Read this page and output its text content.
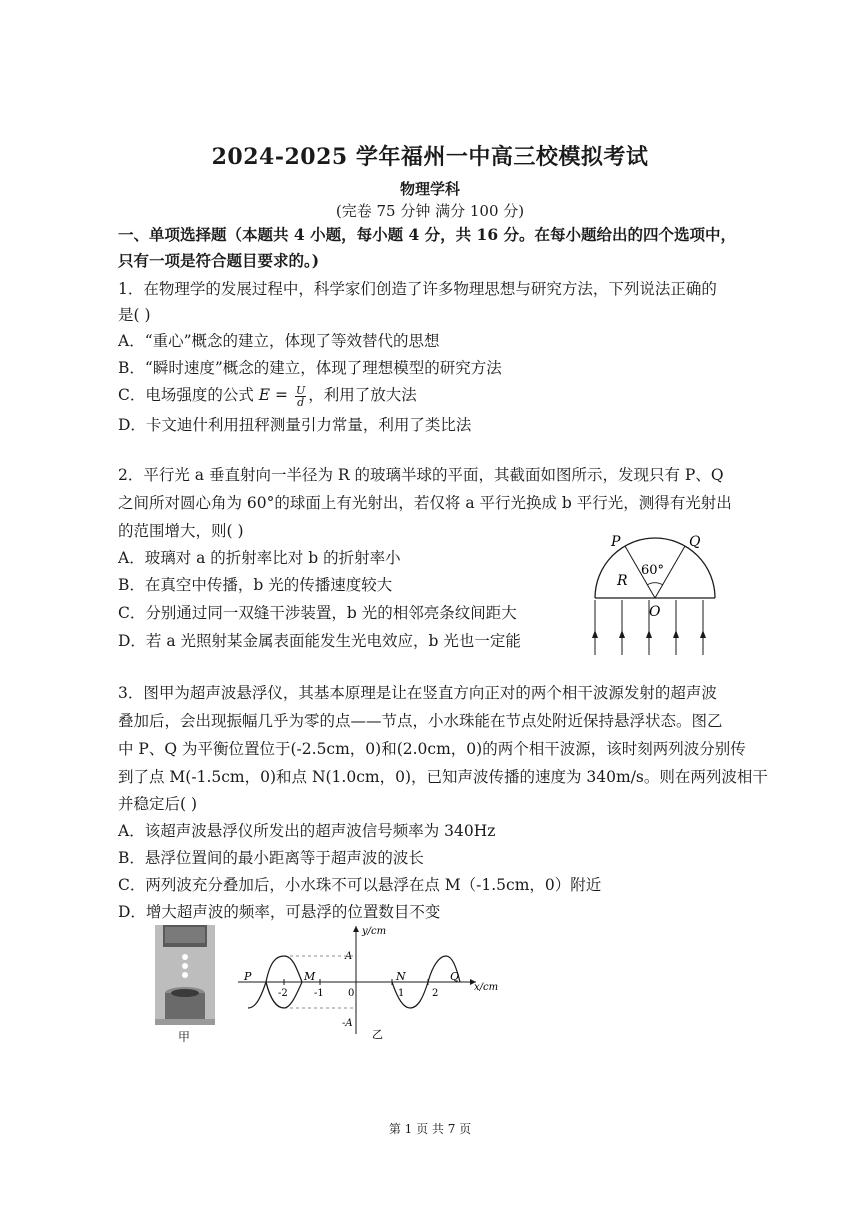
2024-2025 学年福州一中高三校模拟考试
物理学科
(完卷 75 分钟 满分 100 分)
一、单项选择题（本题共 4 小题，每小题 4 分，共 16 分。在每小题给出的四个选项中，
只有一项是符合题目要求的。)
1．在物理学的发展过程中，科学家们创造了许多物理思想与研究方法，下列说法正确的
是( )
A．“重心”概念的建立，体现了等效替代的思想
B．“瞬时速度”概念的建立，体现了理想模型的研究方法
C．电场强度的公式 $E = \frac{U}{d}$ ，利用了放大法
D．卡文迪什利用扭秤测量引力常量，利用了类比法
2．平行光 a 垂直射向一半径为 R 的玻璃半球的平面，其截面如图所示，发现只有 P、Q
之间所对圆心角为 60°的球面上有光射出，若仅将 a 平行光换成 b 平行光，测得有光射出
的范围增大，则( )
A．玻璃对 a 的折射率比对 b 的折射率小
B．在真空中传播，b 光的传播速度较大
C．分别通过同一双缝干涉装置，b 光的相邻亮条纹间距大
D．若 a 光照射某金属表面能发生光电效应，b 光也一定能
P	Q
60°
R
O
3．图甲为超声波悬浮仪，其基本原理是让在竖直方向正对的两个相干波源发射的超声波
叠加后，会出现振幅几乎为零的点——节点，小水珠能在节点处附近保持悬浮状态。图乙
中 P、Q 为平衡位置位于(-2.5cm，0)和(2.0cm，0)的两个相干波源，该时刻两列波分别传
到了点 M(-1.5cm，0)和点 N(1.0cm，0)，已知声波传播的速度为 340m/s。则在两列波相干
并稳定后( )
A．该超声波悬浮仪所发出的超声波信号频率为 340Hz
B．悬浮位置间的最小距离等于超声波的波长
C．两列波充分叠加后，小水珠不可以悬浮在点 M（-1.5cm，0）附近
D．增大超声波的频率，可悬浮的位置数目不变
甲
y/cm
x/cm
A
-A
P	M	N	Q
-2	-1 0	1	2
乙
第 1 页 共 7 页
